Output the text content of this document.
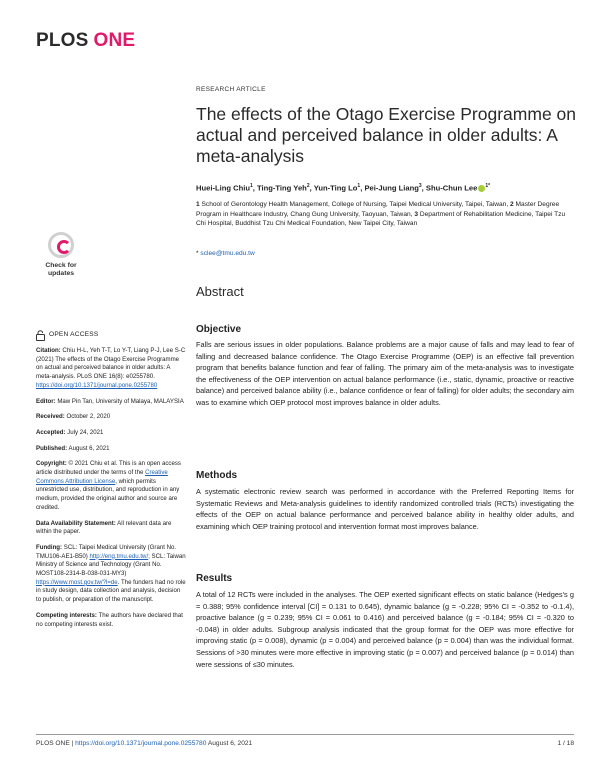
PLOS ONE
RESEARCH ARTICLE
The effects of the Otago Exercise Programme on actual and perceived balance in older adults: A meta-analysis
Huei-Ling Chiu$^1$, Ting-Ting Yeh$^2$, Yun-Ting Lo$^1$, Pei-Jung Liang$^3$, Shu-Chun Lee $^{1*}$
1 School of Gerontology Health Management, College of Nursing, Taipei Medical University, Taipei, Taiwan, 2 Master Degree Program in Healthcare Industry, Chang Gung University, Taoyuan, Taiwan, 3 Department of Rehabilitation Medicine, Taipei Tzu Chi Hospital, Buddhist Tzu Chi Medical Foundation, New Taipei City, Taiwan
* sclee@tmu.edu.tw
Check for
updates
OPEN ACCESS

Citation: Chiu H-L, Yeh T-T, Lo Y-T, Liang P-J, Lee S-C (2021) The effects of the Otago Exercise Programme on actual and perceived balance in older adults: A meta-analysis. PLoS ONE 16(8): e0255780. https://doi.org/10.1371/journal.pone.0255780

Editor: Maw Pin Tan, University of Malaya, MALAYSIA

Received: October 2, 2020

Accepted: July 24, 2021

Published: August 6, 2021

Copyright: © 2021 Chiu et al. This is an open access article distributed under the terms of the Creative Commons Attribution License, which permits unrestricted use, distribution, and reproduction in any medium, provided the original author and source are credited.

Data Availability Statement: All relevant data are within the paper.

Funding: SCL: Taipei Medical University (Grant No. TMU106-AE1-B50) http://eng.tmu.edu.tw/; SCL: Taiwan Ministry of Science and Technology (Grant No. MOST108-2314-B-038-031-MY3) https://www.most.gov.tw/?l=de. The funders had no role in study design, data collection and analysis, decision to publish, or preparation of the manuscript.

Competing interests: The authors have declared that no competing interests exist.

Abstract
Objective
Falls are serious issues in older populations. Balance problems are a major cause of falls and may lead to fear of falling and decreased balance confidence. The Otago Exercise Programme (OEP) is an effective fall prevention program that benefits balance function and fear of falling. The primary aim of the meta-analysis was to investigate the effectiveness of the OEP intervention on actual balance performance (i.e., static, dynamic, proactive or reactive balance) and perceived balance ability (i.e., balance confidence or fear of falling) for older adults; the secondary aim was to examine which OEP protocol most improves balance in older adults.
Methods
A systematic electronic review search was performed in accordance with the Preferred Reporting Items for Systematic Reviews and Meta-analysis guidelines to identify randomized controlled trials (RCTs) investigating the effects of the OEP on actual balance performance and perceived balance ability in healthy older adults, and examining which OEP training protocol and intervention format most improves balance.
Results
A total of 12 RCTs were included in the analyses. The OEP exerted significant effects on static balance (Hedges's g = 0.388; 95% confidence interval [CI] = 0.131 to 0.645), dynamic balance (g = -0.228; 95% CI = -0.352 to -0.1.4), proactive balance (g = 0.239; 95% CI = 0.061 to 0.416) and perceived balance (g = -0.184; 95% CI = -0.320 to -0.048) in older adults. Subgroup analysis indicated that the group format for the OEP was more effective for improving static (p = 0.008), dynamic (p = 0.004) and perceived balance (p = 0.004) than was the individual format. Sessions of >30 minutes were more effective in improving static (p = 0.007) and perceived balance (p = 0.014) than were sessions of ≤30 minutes.
PLOS ONE | https://doi.org/10.1371/journal.pone.0255780 August 6, 2021	1 / 18
